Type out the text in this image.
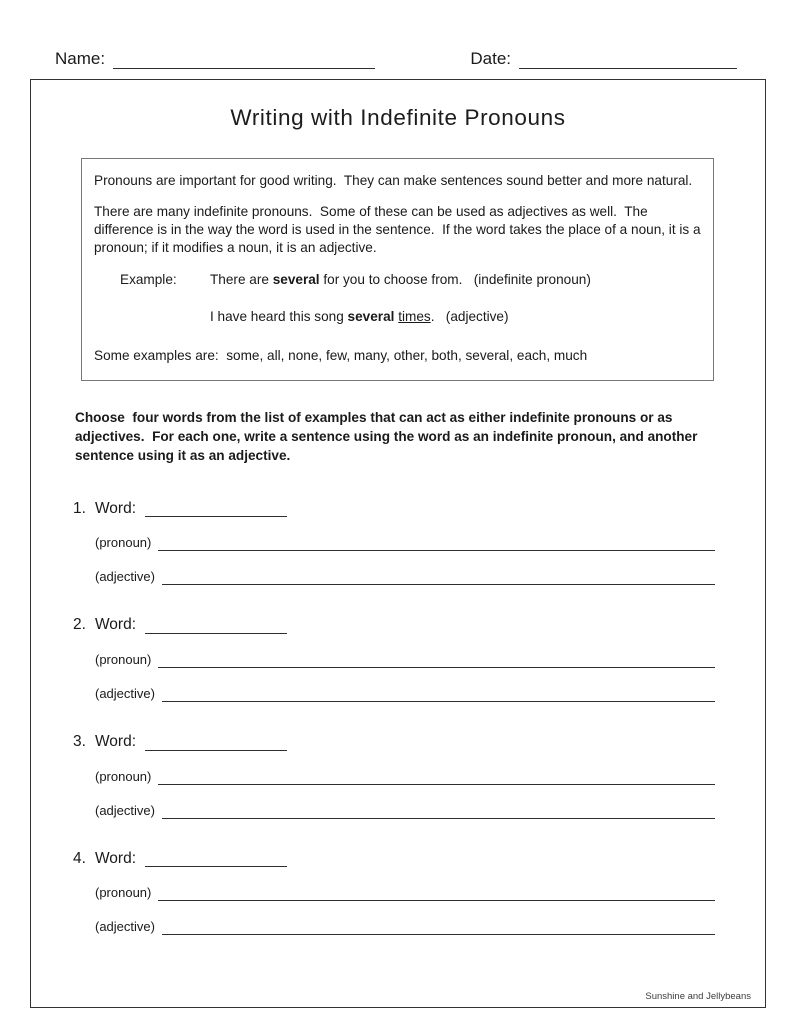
Name:	Date:
Writing with Indefinite Pronouns

Pronouns are important for good writing.  They can make sentences sound better and more natural.

There are many indefinite pronouns.  Some of these can be used as adjectives as well.  The difference is in the way the word is used in the sentence.  If the word takes the place of a noun, it is a pronoun; if it modifies a noun, it is an adjective.

Example:	There are several for you to choose from.   (indefinite pronoun)
I have heard this song several times.   (adjective)

Some examples are:  some, all, none, few, many, other, both, several, each, much

Choose  four words from the list of examples that can act as either indefinite pronouns or as adjectives.  For each one, write a sentence using the word as an indefinite pronoun, and another sentence using it as an adjective.

1. Word:
(pronoun)
(adjective)
2. Word:
(pronoun)
(adjective)
3. Word:
(pronoun)
(adjective)
4. Word:
(pronoun)
(adjective)
Sunshine and Jellybeans
